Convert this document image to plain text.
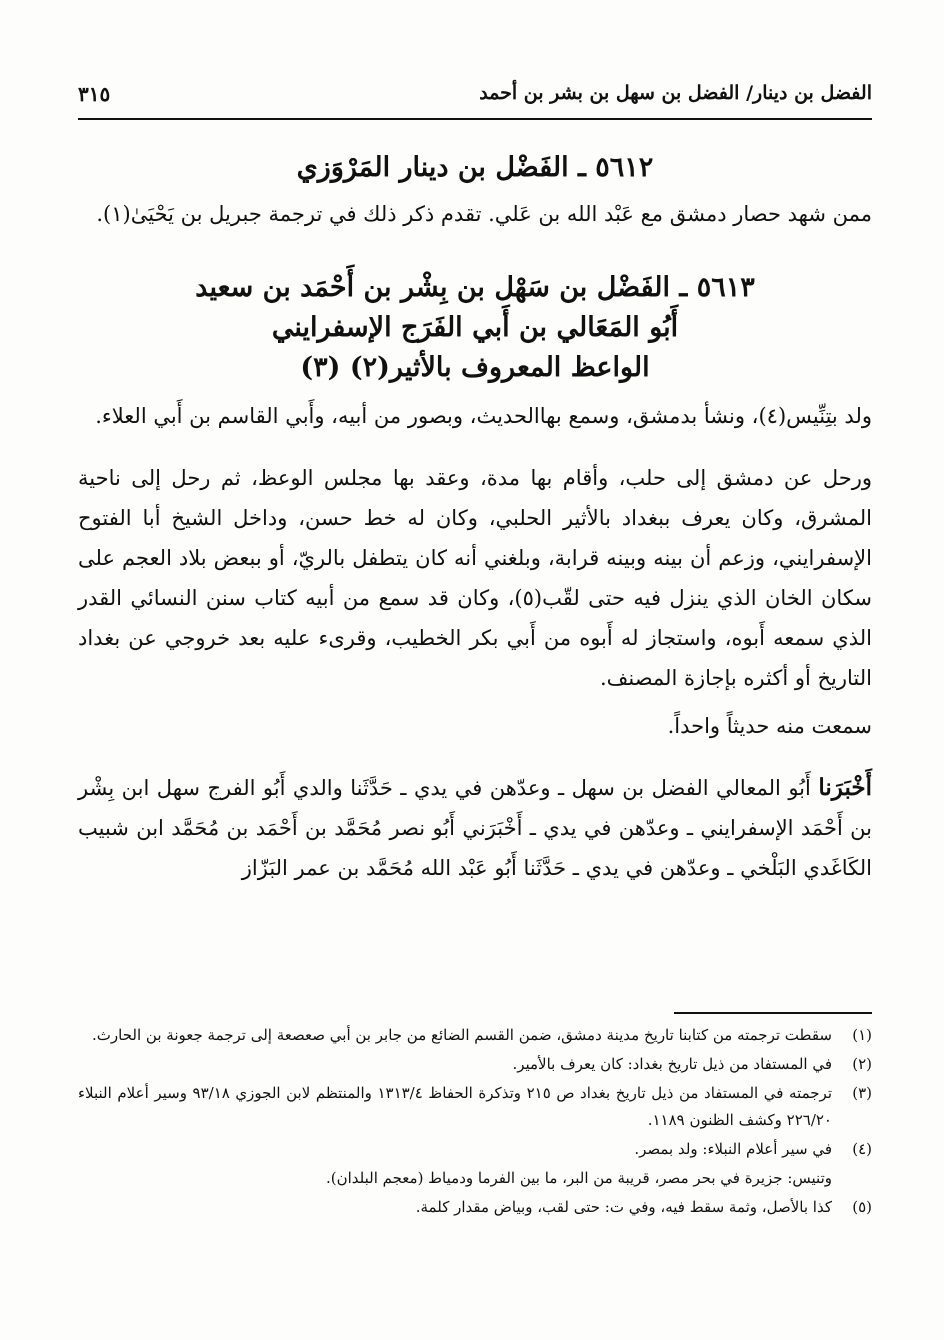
الفضل بن دينار/ الفضل بن سهل بن بشر بن أحمد
٣١٥
٥٦١٢ ـ الفَضْل بن دينار المَرْوَزي

ممن شهد حصار دمشق مع عَبْد الله بن عَلي. تقدم ذكر ذلك في ترجمة جبريل بن يَحْيَىٰ(١).

٥٦١٣ ـ الفَضْل بن سَهْل بن بِشْر بن أَحْمَد بن سعيد
أَبُو المَعَالي بن أَبي الفَرَج الإسفرايني
الواعظ المعروف بالأثير(٢) (٣)

ولد بتِنِّيس(٤)، ونشأ بدمشق، وسمع بهاالحديث، وبصور من أبيه، وأَبي القاسم بن أَبي العلاء.

ورحل عن دمشق إلى حلب، وأقام بها مدة، وعقد بها مجلس الوعظ، ثم رحل إلى ناحية المشرق، وكان يعرف ببغداد بالأثير الحلبي، وكان له خط حسن، وداخل الشيخ أبا الفتوح الإسفرايني، وزعم أن بينه وبينه قرابة، وبلغني أنه كان يتطفل بالريّ، أو ببعض بلاد العجم على سكان الخان الذي ينزل فيه حتى لقّب(٥)، وكان قد سمع من أبيه كتاب سنن النسائي القدر الذي سمعه أَبوه، واستجاز له أَبوه من أَبي بكر الخطيب، وقرىء عليه بعد خروجي عن بغداد التاريخ أو أكثره بإجازة المصنف.

سمعت منه حديثاً واحداً.

أَخْبَرَنا أَبُو المعالي الفضل بن سهل ـ وعدّهن في يدي ـ حَدَّثَنا والدي أَبُو الفرج سهل ابن بِشْر بن أَحْمَد الإسفرايني ـ وعدّهن في يدي ـ أَخْبَرَني أَبُو نصر مُحَمَّد بن أَحْمَد بن مُحَمَّد ابن شبيب الكَاغَدي البَلْخي ـ وعدّهن في يدي ـ حَدَّثَنا أَبُو عَبْد الله مُحَمَّد بن عمر البَزّاز

(١)
سقطت ترجمته من كتابنا تاريخ مدينة دمشق، ضمن القسم الضائع من جابر بن أبي صعصعة إلى ترجمة جعونة بن الحارث.
(٢)
في المستفاد من ذيل تاريخ بغداد: كان يعرف بالأمير.
(٣)
ترجمته في المستفاد من ذيل تاريخ بغداد ص ٢١٥ وتذكرة الحفاظ ١٣١٣/٤ والمنتظم لابن الجوزي ٩٣/١٨ وسير أعلام النبلاء ٢٢٦/٢٠ وكشف الظنون ١١٨٩.
(٤)
في سير أعلام النبلاء: ولد بمصر.
وتنيس: جزيرة في بحر مصر، قريبة من البر، ما بين الفرما ودمياط (معجم البلدان).
(٥)
كذا بالأصل، وثمة سقط فيه، وفي ت: حتى لقب، وبياض مقدار كلمة.
